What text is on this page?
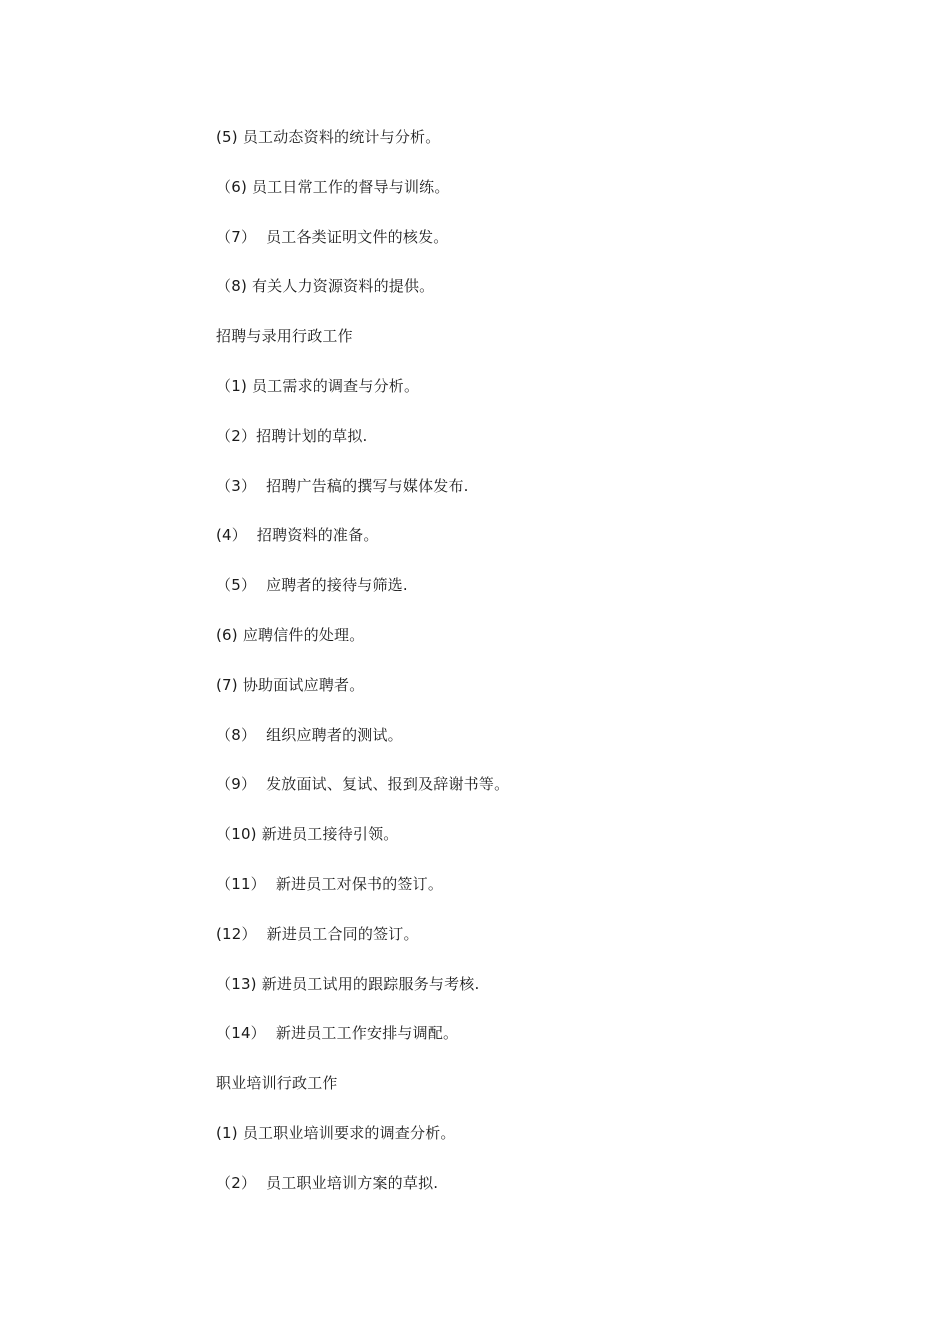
(5) 员工动态资料的统计与分析。
（6) 员工日常工作的督导与训练。
（7）  员工各类证明文件的核发。
（8) 有关人力资源资料的提供。
招聘与录用行政工作
（1) 员工需求的调查与分析。
（2）招聘计划的草拟.
（3）  招聘广告稿的撰写与媒体发布.
(4）  招聘资料的准备。
（5）  应聘者的接待与筛选.
(6) 应聘信件的处理。
(7) 协助面试应聘者。
（8）  组织应聘者的测试。
（9）  发放面试、复试、报到及辞谢书等。
（10) 新进员工接待引领。
（11）  新进员工对保书的签订。
(12）  新进员工合同的签订。
（13) 新进员工试用的跟踪服务与考核.
（14）  新进员工工作安排与调配。
职业培训行政工作
(1) 员工职业培训要求的调查分析。
（2）  员工职业培训方案的草拟.
